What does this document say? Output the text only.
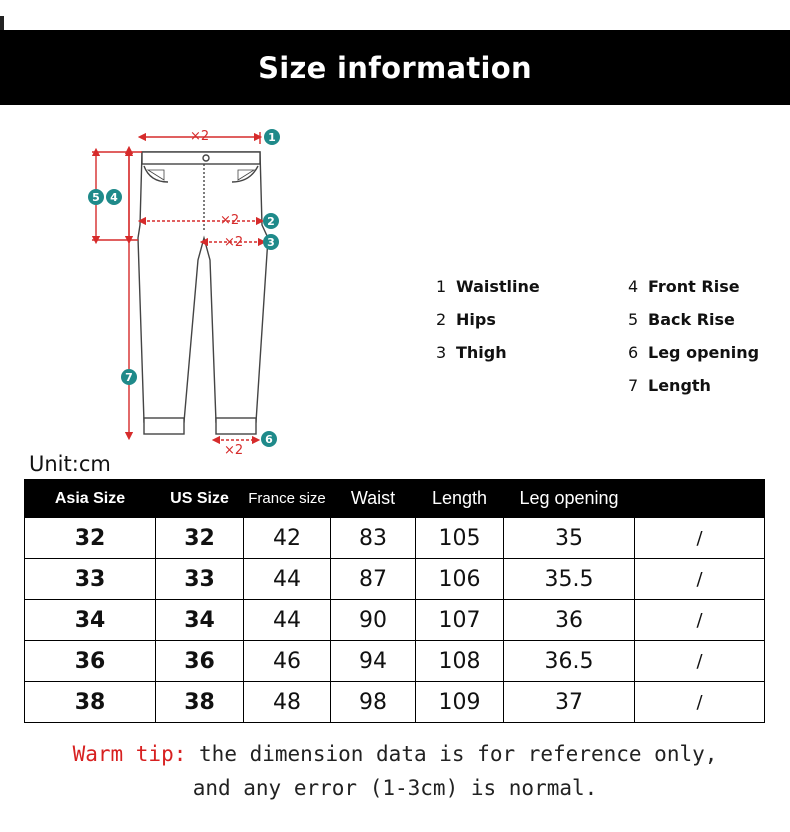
Size information
×2
×2
×2
×2
1
2
3
4
5
6
7
1 Waistline
2 Hips
3 Thigh
4 Front Rise
5 Back Rise
6 Leg opening
7 Length
Unit:cm
Asia Size	US Size	France size	Waist	Length	Leg opening	
32	32	42	83	105	35	/
33	33	44	87	106	35.5	/
34	34	44	90	107	36	/
36	36	46	94	108	36.5	/
38	38	48	98	109	37	/
Warm tip: the dimension data is for reference only,
and any error (1-3cm) is normal.
